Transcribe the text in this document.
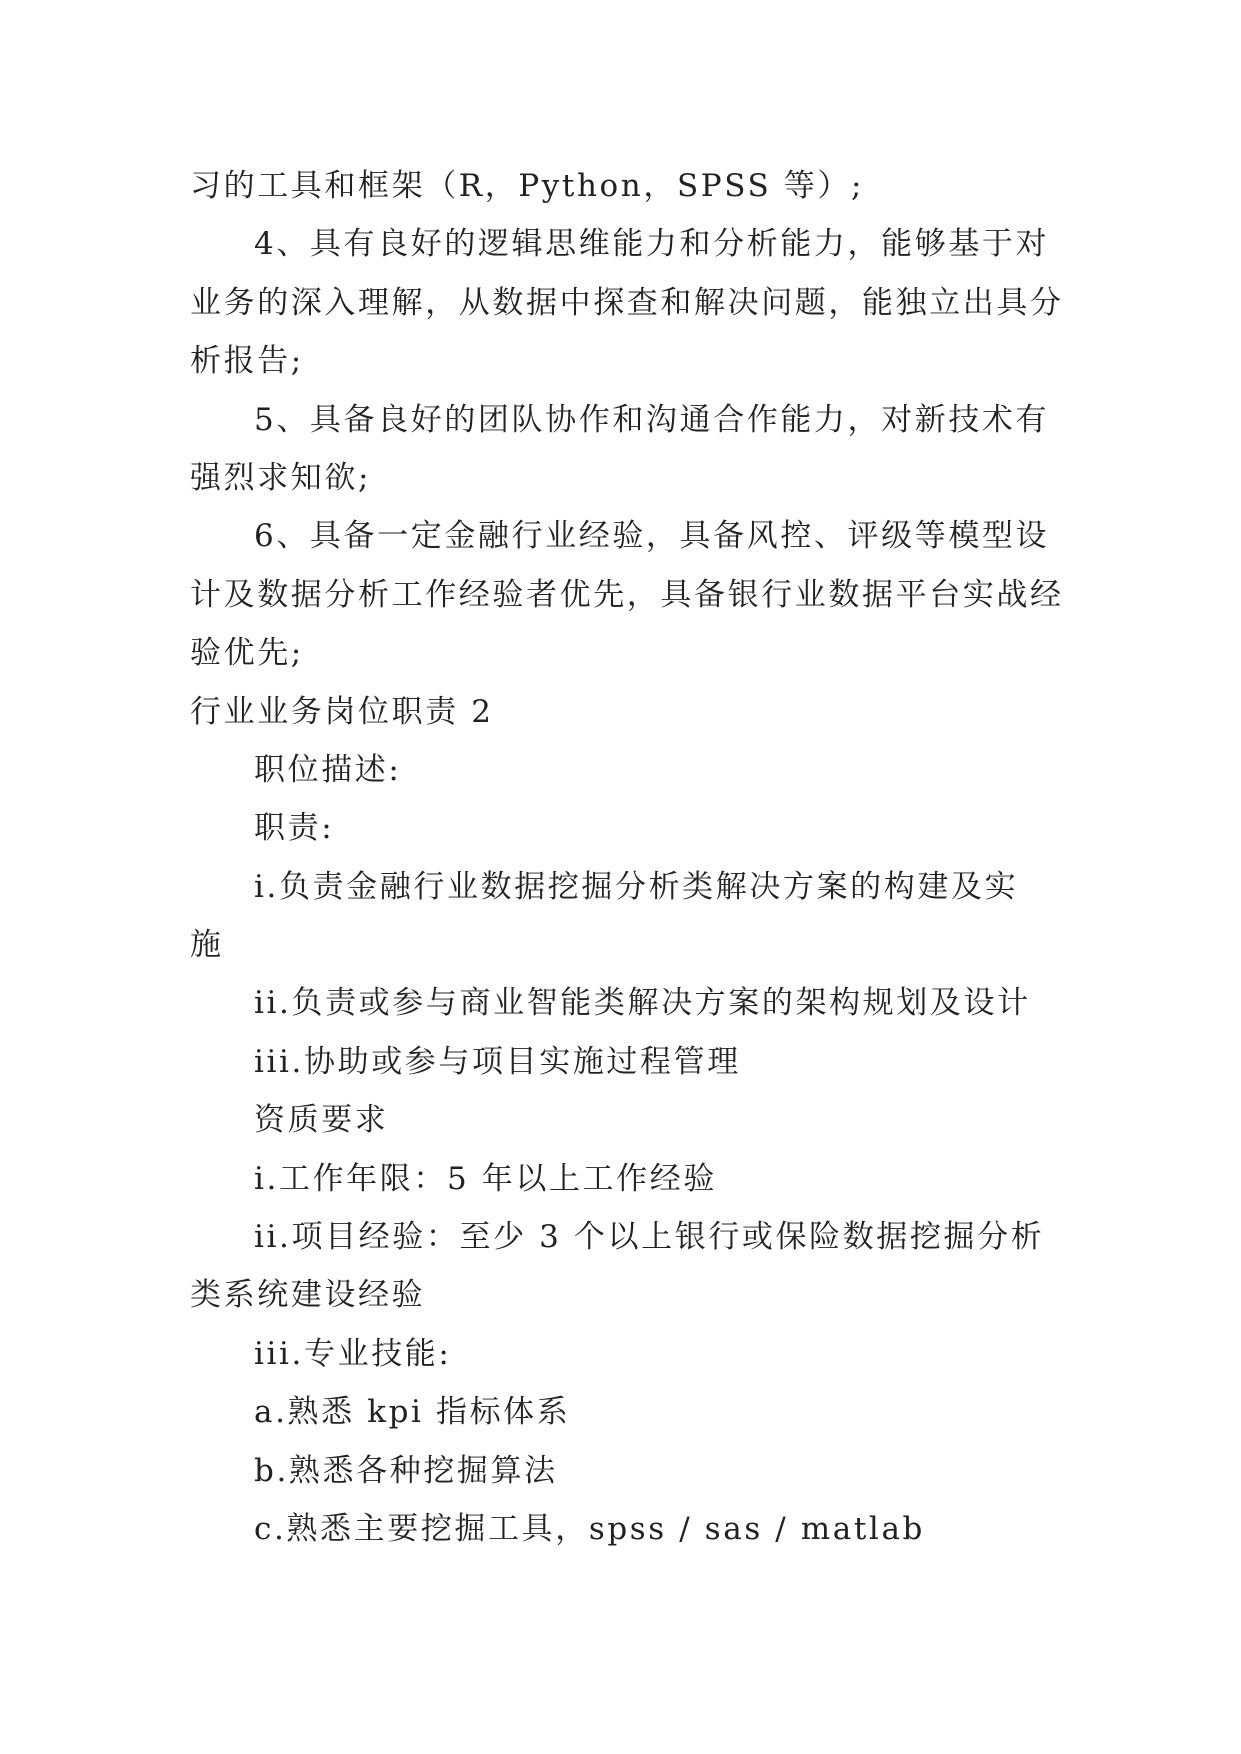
习的工具和框架（R，Python，SPSS 等）;
4、具有良好的逻辑思维能力和分析能力，能够基于对
业务的深入理解，从数据中探查和解决问题，能独立出具分
析报告;
5、具备良好的团队协作和沟通合作能力，对新技术有
强烈求知欲;
6、具备一定金融行业经验，具备风控、评级等模型设
计及数据分析工作经验者优先，具备银行业数据平台实战经
验优先;
行业业务岗位职责 2
职位描述:
职责:
i.负责金融行业数据挖掘分析类解决方案的构建及实
施
ii.负责或参与商业智能类解决方案的架构规划及设计
iii.协助或参与项目实施过程管理
资质要求
i.工作年限：5 年以上工作经验
ii.项目经验：至少 3 个以上银行或保险数据挖掘分析
类系统建设经验
iii.专业技能:
a.熟悉 kpi 指标体系
b.熟悉各种挖掘算法
c.熟悉主要挖掘工具，spss / sas / matlab
